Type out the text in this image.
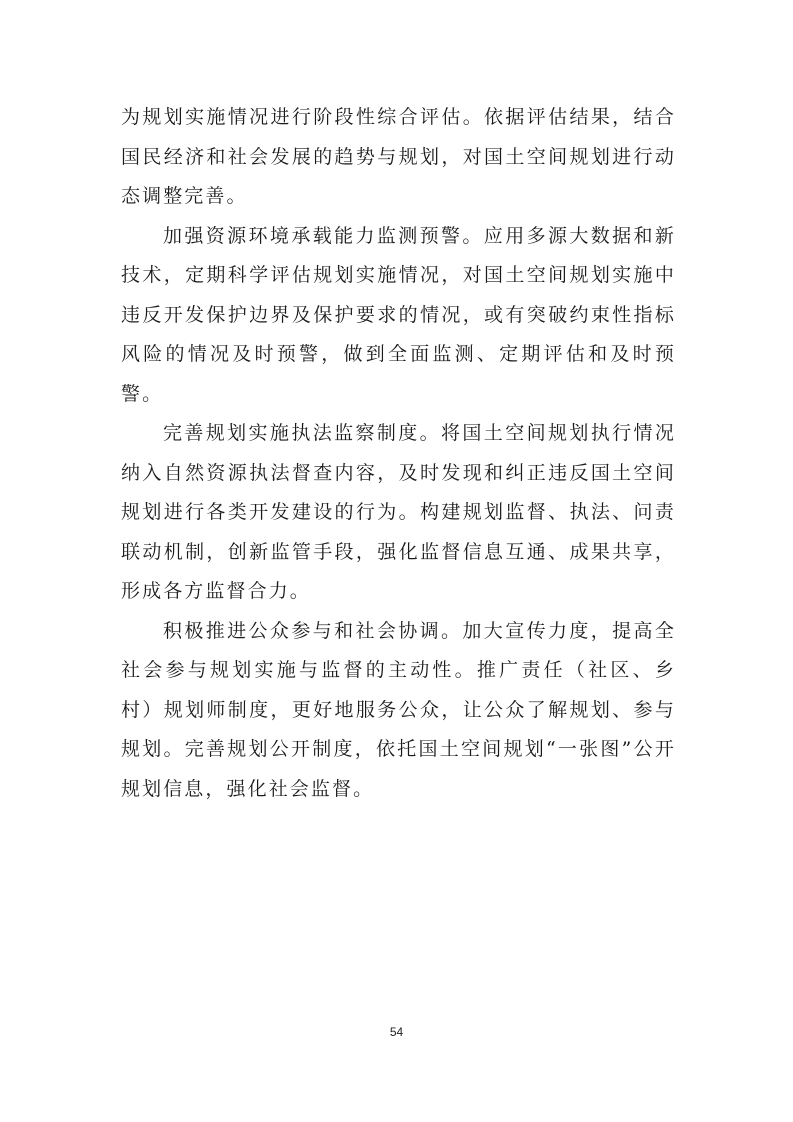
为规划实施情况进行阶段性综合评估。依据评估结果，结合国民经济和社会发展的趋势与规划，对国土空间规划进行动态调整完善。

加强资源环境承载能力监测预警。应用多源大数据和新技术，定期科学评估规划实施情况，对国土空间规划实施中违反开发保护边界及保护要求的情况，或有突破约束性指标风险的情况及时预警，做到全面监测、定期评估和及时预警。

完善规划实施执法监察制度。将国土空间规划执行情况纳入自然资源执法督查内容，及时发现和纠正违反国土空间规划进行各类开发建设的行为。构建规划监督、执法、问责联动机制，创新监管手段，强化监督信息互通、成果共享，形成各方监督合力。

积极推进公众参与和社会协调。加大宣传力度，提高全社会参与规划实施与监督的主动性。推广责任（社区、乡村）规划师制度，更好地服务公众，让公众了解规划、参与规划。完善规划公开制度，依托国土空间规划“一张图”公开规划信息，强化社会监督。

54
